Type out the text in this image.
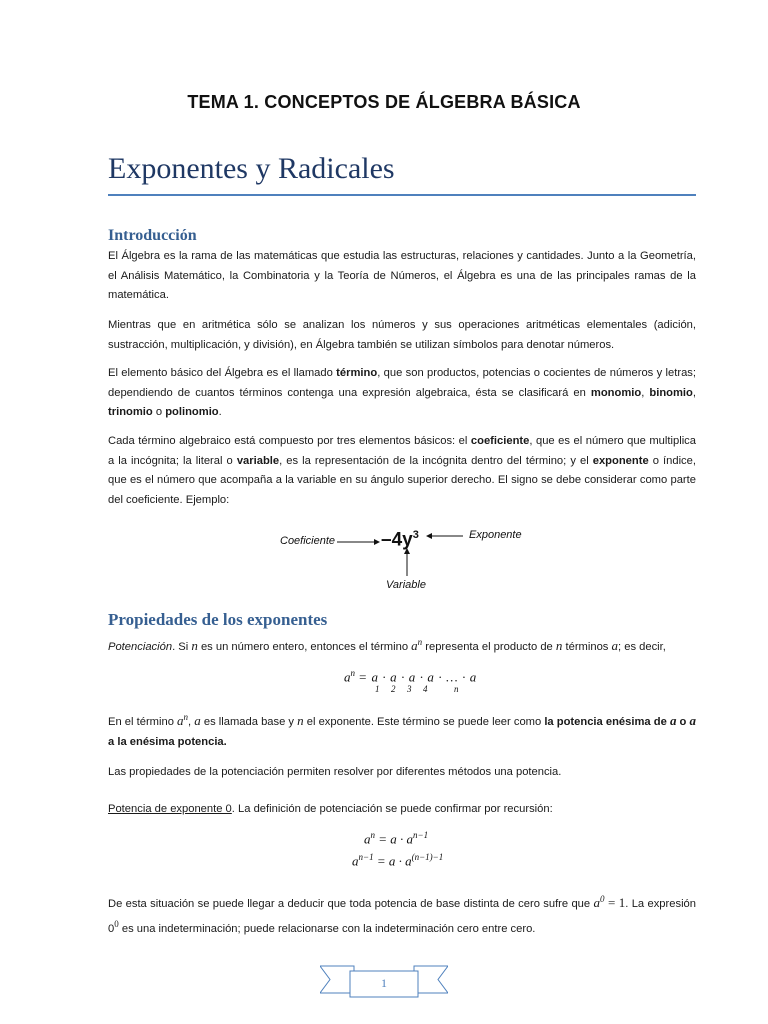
TEMA 1. CONCEPTOS DE ÁLGEBRA BÁSICA
Exponentes y Radicales
Introducción
El Álgebra es la rama de las matemáticas que estudia las estructuras, relaciones y cantidades. Junto a la Geometría, el Análisis Matemático, la Combinatoria y la Teoría de Números, el Álgebra es una de las principales ramas de la matemática.
Mientras que en aritmética sólo se analizan los números y sus operaciones aritméticas elementales (adición, sustracción, multiplicación, y división), en Álgebra también se utilizan símbolos para denotar números.
El elemento básico del Álgebra es el llamado término, que son productos, potencias o cocientes de números y letras; dependiendo de cuantos términos contenga una expresión algebraica, ésta se clasificará en monomio, binomio, trinomio o polinomio.
Cada término algebraico está compuesto por tres elementos básicos: el coeficiente, que es el número que multiplica a la incógnita; la literal o variable, es la representación de la incógnita dentro del término; y el exponente o índice, que es el número que acompaña a la variable en su ángulo superior derecho. El signo se debe considerar como parte del coeficiente. Ejemplo:
Coeficiente $-4y^3$	Exponente
Variable
Propiedades de los exponentes
Potenciación. Si n es un número entero, entonces el término $a^n$ representa el producto de n términos a; es decir,
$a^n = a \cdot a \cdot a \cdot a$ · … · a
1 2 3 4	n
En el término $a^n$, a es llamada base y n el exponente. Este término se puede leer como la potencia enésima de a o a a la enésima potencia.
Las propiedades de la potenciación permiten resolver por diferentes métodos una potencia.
Potencia de exponente 0. La definición de potenciación se puede confirmar por recursión:
$a^n = a \cdot a^{n-1}$
$a^{n-1} = a \cdot a^{(n-1)-1}$
De esta situación se puede llegar a deducir que toda potencia de base distinta de cero sufre que $a^0 = 1$. La expresión $0^0$ es una indeterminación; puede relacionarse con la indeterminación cero entre cero.
1
